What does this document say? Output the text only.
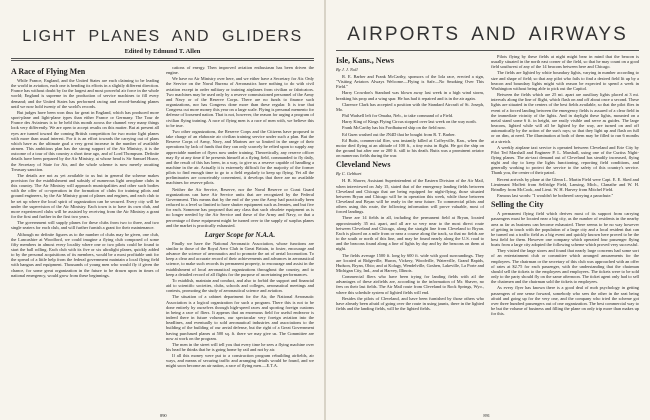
LIGHT PLANES AND GLIDERS
Edited by Edmund T. Allen
A Race of Flying Men

While France, England, and the United States are each claiming to be leading the world in aviation, each one is bending its efforts in a slightly different direction. France has without doubt by far the largest and most powerful air force in the whole world; England is supreme in the production of service machines to fill every demand; and the United States has performed racing and record-breaking planes until we now hold twenty of the world's records.

But judges have been won thus far great in England, which has produced more sport-plane and light-plane types than either France or Germany. The Tour de France des Aviateurs is to be held this month across the channel very many things look very differently. We are open to accept results on this matter. But at present all eyes are turned toward the coming British competition for two motor light planes with more than usual interest. For it is an effort towards the carrying out of plans which have as the ultimate goal a very great increase in the number of available airmen. This ambitious plan has the strong support of the Air Ministry, it is the outcome of a tour of this country a short time ago, and of Lord Thompson. Definite details have been prepared by the Air Ministry, at whose head is Sir Samuel Hoare, the Secretary of State for Air, and the whole scheme is now merely awaiting Treasury sanction.

The details are not as yet available to us but in general the scheme makes provision for the establishment and subsidy of numerous light aeroplane clubs in this country. The Air Ministry will approach municipalities and other such bodies with the offer of co-operation in the formation of clubs for training pilots and ground engineers, by the Air Ministry grant of planes and engines, and each club to be set up where the local spirit of organization can be secured. Every city will be under the supervision of the Air Ministry. Each town is to have its own club, and more experienced clubs will be assisted by receiving from the Air Ministry a grant for the first and further in the first two years.

The government will supply planes for these clubs from two to three, and two single seaters for each club, and will further furnish a grant for their maintenance.

Although no definite figures as to the number of clubs may be given, one club, the Lancashire at Woodford, we could imagine a flying club composed of some fifty members in almost every locality where one or two pilots could be found to start the ball rolling. Each club with its five or six ultralight planes, quickly added to by the personal acquisitions of its members, would be a most profitable unit for the spread of a little help from the federal government maintain a local flying field with hangars and equipment. Thousands of young men who would fly if given the chance, for some great organization in the future to be drawn upon in times of national emergency, would grow from these beginnings.

cations of energy. Then improved aviation enthusiasm has been driven the engine.

We have no Air Ministry over here, and we either have a Secretary for Air. Only the Service on the Naval Bureau of Aeronautics have nothing to do with civil aviation except in order military or training airplanes from civilian or fabricators. Two machines may be used only by a reserve commissioned personnel of the Army and Navy or of the Reserve Corps. There are no funds to finance such organizations, nor has Congress done more than these regular. It is true that Congress cut more money this year on a large scale. Flying is personal memento for defense of loosened nation. That is not, however, the reason for urging a program of civilian flying training. A race of flying men is a race of men with, we believe this to be true.

Two other organizations, the Reserve Corps and the Citizens have proposed to take charge of an elaborate air civilian training service under such a plan. But the Reserve Corps of Army, Navy, and Marines are so limited in the range of their operations by lack of funds that they can only scarcely be relied upon to supply any appreciable number of flyers now under training. Theoretically, any reserve officer may fly at any time if he presents himself at a flying field, commanded to fly daily, and the result of this has been, in a way, to give us a reserve capable of handling a machine in the air. Actually it is extremely difficult for the majority of the former pilots to find enough time to go to a field regularly to keep up flying. Yet all the preliminaries are conceivably convenient, it develops that there are no available machines for reserve pilots.

Neither the Air Service, Reserve, nor the Naval Reserve or Coast Guard organizations can have Air Service units that are recognized by the Federal Government. This means that by the end of the year the Army had practically been reduced to a level so limited to have shutter equipment such as Jennies, and but five for each. Someone has proposed that any class that such obsolete equipment as is no longer needed by the Air Service and these of the Army and Navy, or that a percentage of these equipment might be turned over to the supply of surplus planes and the market is practically exhausted.

Larger Scope for N.A.A.

Finally we have the National Aeronautic Association, whose functions are similar to those of the Royal Aero Club in Great Britain, to foster, encourage and advance the science of aeronautics and to promote the art of aerial locomotion. To keep a clear and accurate record of their achievements and advances in aeronautical science, to make such records its permanent property, to encourage and assist in the establishment of local aeronautical organizations throughout the country, and to keep a detailed record of all flights for the purpose of ascertaining performances.

To establish, maintain and conduct, and also to forbid the support and financial aid to scientific societies, clubs, schools and colleges, aeronautical meetings and contests, promoting the study of aeronautical science and aviation.

The situation of a cabinet department for the Air, the National Aeronautic Association is a logical organization for such a program. There this is not to be done entirely by ourselves through high-speed races and sporting foreign customs in being a race of fliers. It appears that an enormous field for useful endeavor is indeed there in future volumes, our spectacular very foreign aviation into the headlines, and eventually to sold aeronautical industries and associations to the building of the building of our aerial defense, but the right of a Great Government having purchased planes at 500 sq. ft. there we may give us. The Committee are now at work on the program.

The men in the street will tell you that every time he sees a flying machine over his head he thinks that he is going home by rail and not by air.

If all this money were put to a construction program rebuilding airfields, air ways, and means of securing traffic and arranging details would be found, and we might soon become an air nation, a race of flying men.—E.T.A.

890
AIRPORTS AND AIRWAYS
Isle, Kans., News
By J. J. Noll

R. E. Barber and Frank McCarthy, sponsors of the Iola race, erected a sign, "Visiting Aviators Always Welcome—Flying is Safe—No Smoking Over This Field."

Harry Crowdon's Standard was blown away last week in a high wind storm, breaking his prop and a wing spar. He has had it repaired and is in the air again.

Clarence Clark has accepted a position with the Standard Aircraft of St. Joseph, Mo.

Phil Wadsell left for Omaha, Neb., to take command of a Field.

Harry King of Kings Flying Circus stopped over last week on the way north.

Frank McCarthy has his Fordbatured ship on the field now.

Ed Guen washed out the JN4D that he bought from R. T. Barber.

Ed Butts, commercial flier, was instantly killed at Coffeyville, Kan., when the motor died flying at an altitude of 100 ft., a tiny miss in flight. He got the ship on the ground but after one or 200 ft. still to his death. Butts was a prominent aviator on numerous fields during the war.

Cleveland News
By C. Gebhart

H. B. Shaver, Assistant Superintendent of the Eastern Division of the Air Mail, when interviewed on July 15, stated that of the emergency landing fields between Cleveland and Chicago that are being equipped for night-flying, those situated between Bryan and Chicago will be in operation this week, while those between Cleveland and Bryan will be ready in the near future. To commercial pilots and others using this route, the following information will prove valuable, most of forced landings.

There are 14 fields in all, including the permanent field at Bryan, located approximately 35 mi. apart, and all are so very near to the most direct route between Cleveland and Chicago, along the straight line from Cleveland to Bryan. Each is placed on a mile from or near a course along the track, so that no fields are to the south or north of this line, and may be found nearly along the U.S. road to and the beacons found along a line of lights by day and by the beacons on them at night.

The fields average 1500 ft. long by 600 ft. wide with good surroundings. They are located at Ridgeville, Huron, Vickery, Woodville, Waterville, Grand Rapids, Hudson, Bryan, Ohio; and at Kolagy, Wendelville, Goshen, Lakeville, La Porte and Michigan City, Ind., and at Harvey, Illinois.

Commercial fliers who have been trying for landing fields with ail the advantages of these airfields are, according to the information of Mr. Shaver, no fees on their last fields. The Air Mail route from Cleveland to Rock Springs, Wyo., where this schedule system of lighted fields will end.

Besides the pilots of Cleveland, and have been furnished by those others who have already been afraid of going over the route in using jaunts, there in the lighted fields and the landing fields, will be the lighted fields.

Pilots flying by these fields at night might bear in mind that the beacon is usually situated in the north east corner of the field, so that he may count on a good field southwest of any of the 14 beacons between here and Chicago.

The fields are lighted by white boundary lights, varying in number according to size and shape of field; so that any pilot who fails to find a desired field lit up by a beacon and boundary lights might with reason be expected to spend a week in Washington without being able to pick out the Capitol.

Between the fields which are 25 mi. apart are auxiliary lights placed at 3 mi. intervals along the line of flight, which flash on and off about once a second. These lights are situated in the centers of the best fields available, so that the pilot flies in event of a forced landing between the emergency fields is assured of a clear field in the immediate vicinity of the lights. And in daylight these lights, mounted on a metal stand some 6 ft. in height, are easily visible and serve as guides. The large beacons, lighted while will all be lighted by the way, are turned on and off automatically by the action of the sun's rays; so that they light up and flash on full or on dim, at need. The illumination at both of them may be filled to run 6 months at a stretch.

A weekly airplane taxi service is operated between Cleveland and Erie City by Pilot Ted Marshall and Engineer P. L. Marshall, using one of the Curtiss Night-flying planes. The air-taxi demand out of Cleveland has steadily increased, flying night and day to keep the lights functioning, reporting field conditions, and generally working to protect the service to the safety of this country's service. Thank you, the center of their patrol.

Recent arrivals by plane at the Glenn L. Martin Field were Capt. E. E. Sked and Lieutenant Moffett from Selfridge Field, Lansing, Mich., Clanathe and W. H. Brindley from McCook, and Lieut. W. H. Harvey from Mitchel Field.

Famous last words: "I wouldn't be bothered carrying a parachute."

Selling the City

A permanent flying field which derives most of its support from carrying passengers must be located near a big city, as the number of residents in the nearby area as far as business can become exhausted. There seems to be no way however of getting in touch with the population of a large city and a local resident that can be turned out a traffic field as a big event and quickly known here proved to be the best field for them. However one company which operated four passenger flying boats from a large city adopted the following scheme which proved very successful.

They visited the large stores and found that nearly large concerns had some sort of an entertainment club or committee which arranged amusements for the employees. The chairman or the secretary of this club was approached with an offer of rates at $2.75 for each passenger, with the understanding that the chairman should sell the tickets to the employees and employees. The tickets were to be sold only to the party should fly on the same afternoon. The ticket agent only had to sell the chairmen and the chairman sold the tickets to employees.

As every flyer has known there is a good deal of mob psychology in getting passengers of one sense forward, somebody who sees the other in the seat being afraid and going up for the very one, and the company who tried the scheme got over three hundred passengers out of one organization. The best commercial way to be but the volume of business and filling the plane on only trip more than makes up for this.

891
